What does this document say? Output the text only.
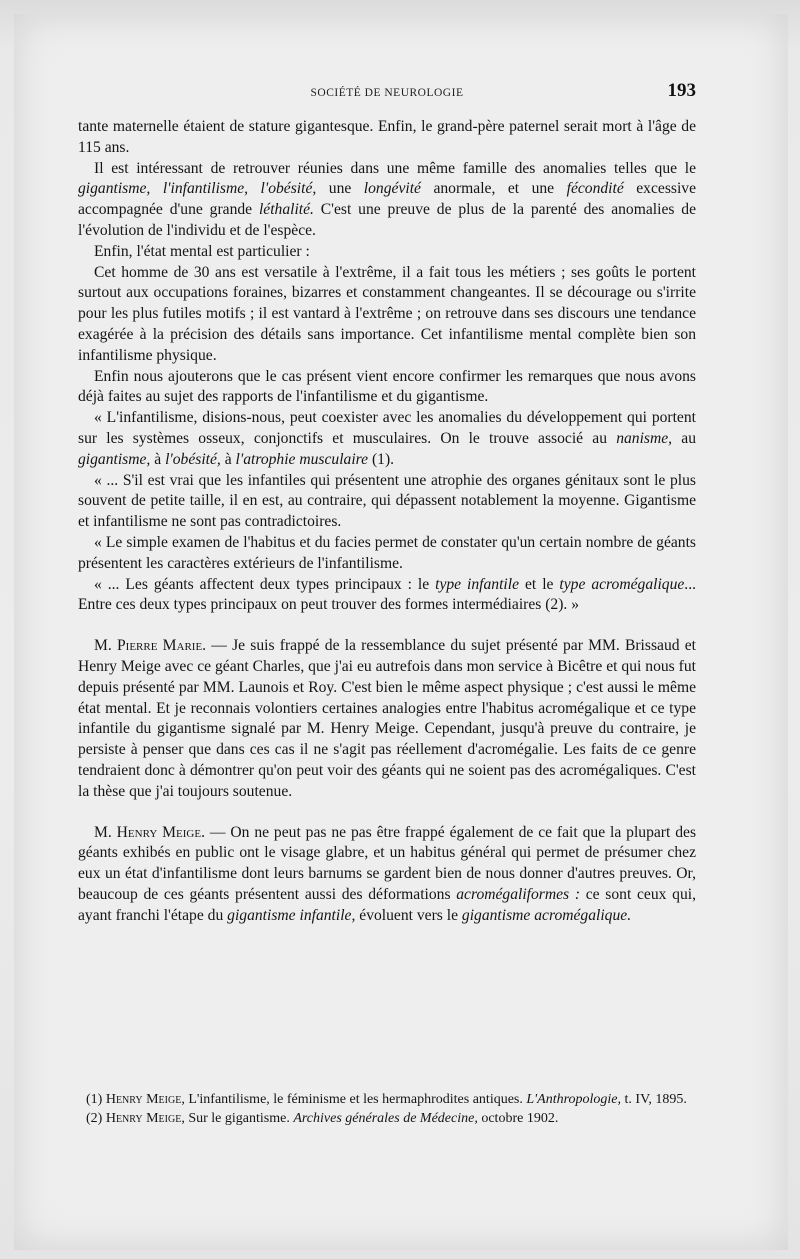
SOCIÉTÉ DE NEUROLOGIE	193

tante maternelle étaient de stature gigantesque. Enfin, le grand-père paternel serait mort à l'âge de 115 ans.

Il est intéressant de retrouver réunies dans une même famille des anomalies telles que le gigantisme, l'infantilisme, l'obésité, une longévité anormale, et une fécondité excessive accompagnée d'une grande léthalité. C'est une preuve de plus de la parenté des anomalies de l'évolution de l'individu et de l'espèce.

Enfin, l'état mental est particulier :

Cet homme de 30 ans est versatile à l'extrême, il a fait tous les métiers ; ses goûts le portent surtout aux occupations foraines, bizarres et constamment changeantes. Il se décourage ou s'irrite pour les plus futiles motifs ; il est vantard à l'extrême ; on retrouve dans ses discours une tendance exagérée à la précision des détails sans importance. Cet infantilisme mental complète bien son infantilisme physique.

Enfin nous ajouterons que le cas présent vient encore confirmer les remarques que nous avons déjà faites au sujet des rapports de l'infantilisme et du gigantisme.

« L'infantilisme, disions-nous, peut coexister avec les anomalies du développement qui portent sur les systèmes osseux, conjonctifs et musculaires. On le trouve associé au nanisme, au gigantisme, à l'obésité, à l'atrophie musculaire (1).

« ... S'il est vrai que les infantiles qui présentent une atrophie des organes génitaux sont le plus souvent de petite taille, il en est, au contraire, qui dépassent notablement la moyenne. Gigantisme et infantilisme ne sont pas contradictoires.

« Le simple examen de l'habitus et du facies permet de constater qu'un certain nombre de géants présentent les caractères extérieurs de l'infantilisme.

« ... Les géants affectent deux types principaux : le type infantile et le type acromégalique... Entre ces deux types principaux on peut trouver des formes intermédiaires (2). »

M. Pierre Marie. — Je suis frappé de la ressemblance du sujet présenté par MM. Brissaud et Henry Meige avec ce géant Charles, que j'ai eu autrefois dans mon service à Bicêtre et qui nous fut depuis présenté par MM. Launois et Roy. C'est bien le même aspect physique ; c'est aussi le même état mental. Et je reconnais volontiers certaines analogies entre l'habitus acromégalique et ce type infantile du gigantisme signalé par M. Henry Meige. Cependant, jusqu'à preuve du contraire, je persiste à penser que dans ces cas il ne s'agit pas réellement d'acromégalie. Les faits de ce genre tendraient donc à démontrer qu'on peut voir des géants qui ne soient pas des acromégaliques. C'est la thèse que j'ai toujours soutenue.

M. Henry Meige. — On ne peut pas ne pas être frappé également de ce fait que la plupart des géants exhibés en public ont le visage glabre, et un habitus général qui permet de présumer chez eux un état d'infantilisme dont leurs barnums se gardent bien de nous donner d'autres preuves. Or, beaucoup de ces géants présentent aussi des déformations acromégaliformes : ce sont ceux qui, ayant franchi l'étape du gigantisme infantile, évoluent vers le gigantisme acromégalique.

(1) Henry Meige, L'infantilisme, le féminisme et les hermaphrodites antiques. L'Anthropologie, t. IV, 1895.

(2) Henry Meige, Sur le gigantisme. Archives générales de Médecine, octobre 1902.
